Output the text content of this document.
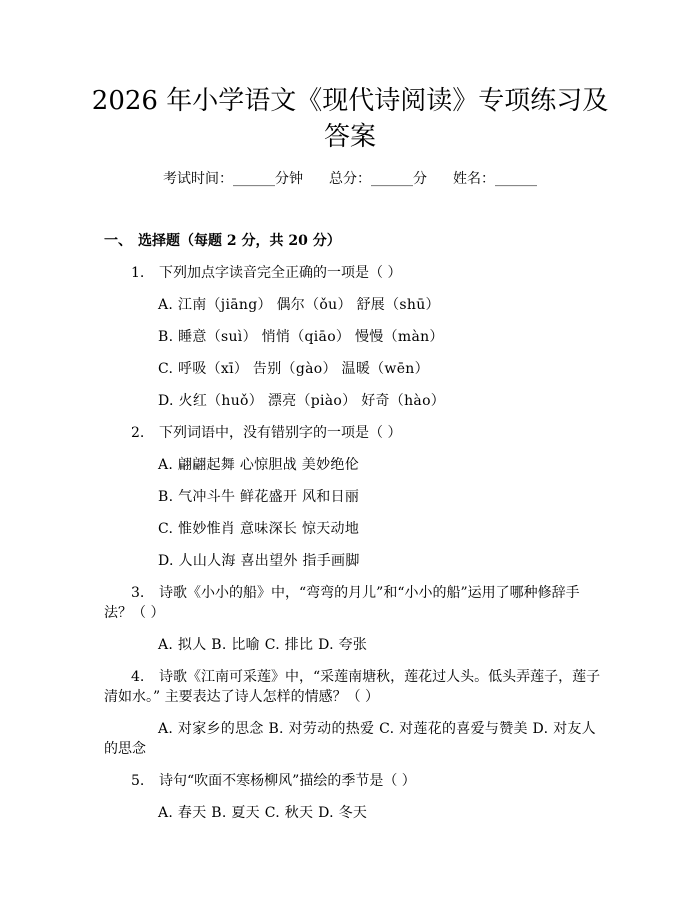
2026 年小学语文《现代诗阅读》专项练习及
答案
考试时间：______分钟 总分：______分 姓名：______
一、 选择题（每题 2 分，共 20 分）
1. 下列加点字读音完全正确的一项是（ ）
A. 江南（jiāng） 偶尔（ǒu） 舒展（shū）
B. 睡意（suì） 悄悄（qiāo） 慢慢（màn）
C. 呼吸（xī） 告别（gào） 温暖（wēn）
D. 火红（huǒ） 漂亮（piào） 好奇（hào）
2. 下列词语中，没有错别字的一项是（ ）
A. 翩翩起舞 心惊胆战 美妙绝伦
B. 气冲斗牛 鲜花盛开 风和日丽
C. 惟妙惟肖 意味深长 惊天动地
D. 人山人海 喜出望外 指手画脚
3. 诗歌《小小的船》中，“弯弯的月儿”和“小小的船”运用了哪种修辞手
法？（ ）
A. 拟人 B. 比喻 C. 排比 D. 夸张
4. 诗歌《江南可采莲》中，“采莲南塘秋，莲花过人头。低头弄莲子，莲子
清如水。” 主要表达了诗人怎样的情感？（ ）
A. 对家乡的思念 B. 对劳动的热爱 C. 对莲花的喜爱与赞美 D. 对友人
的思念
5. 诗句“吹面不寒杨柳风”描绘的季节是（ ）
A. 春天 B. 夏天 C. 秋天 D. 冬天
